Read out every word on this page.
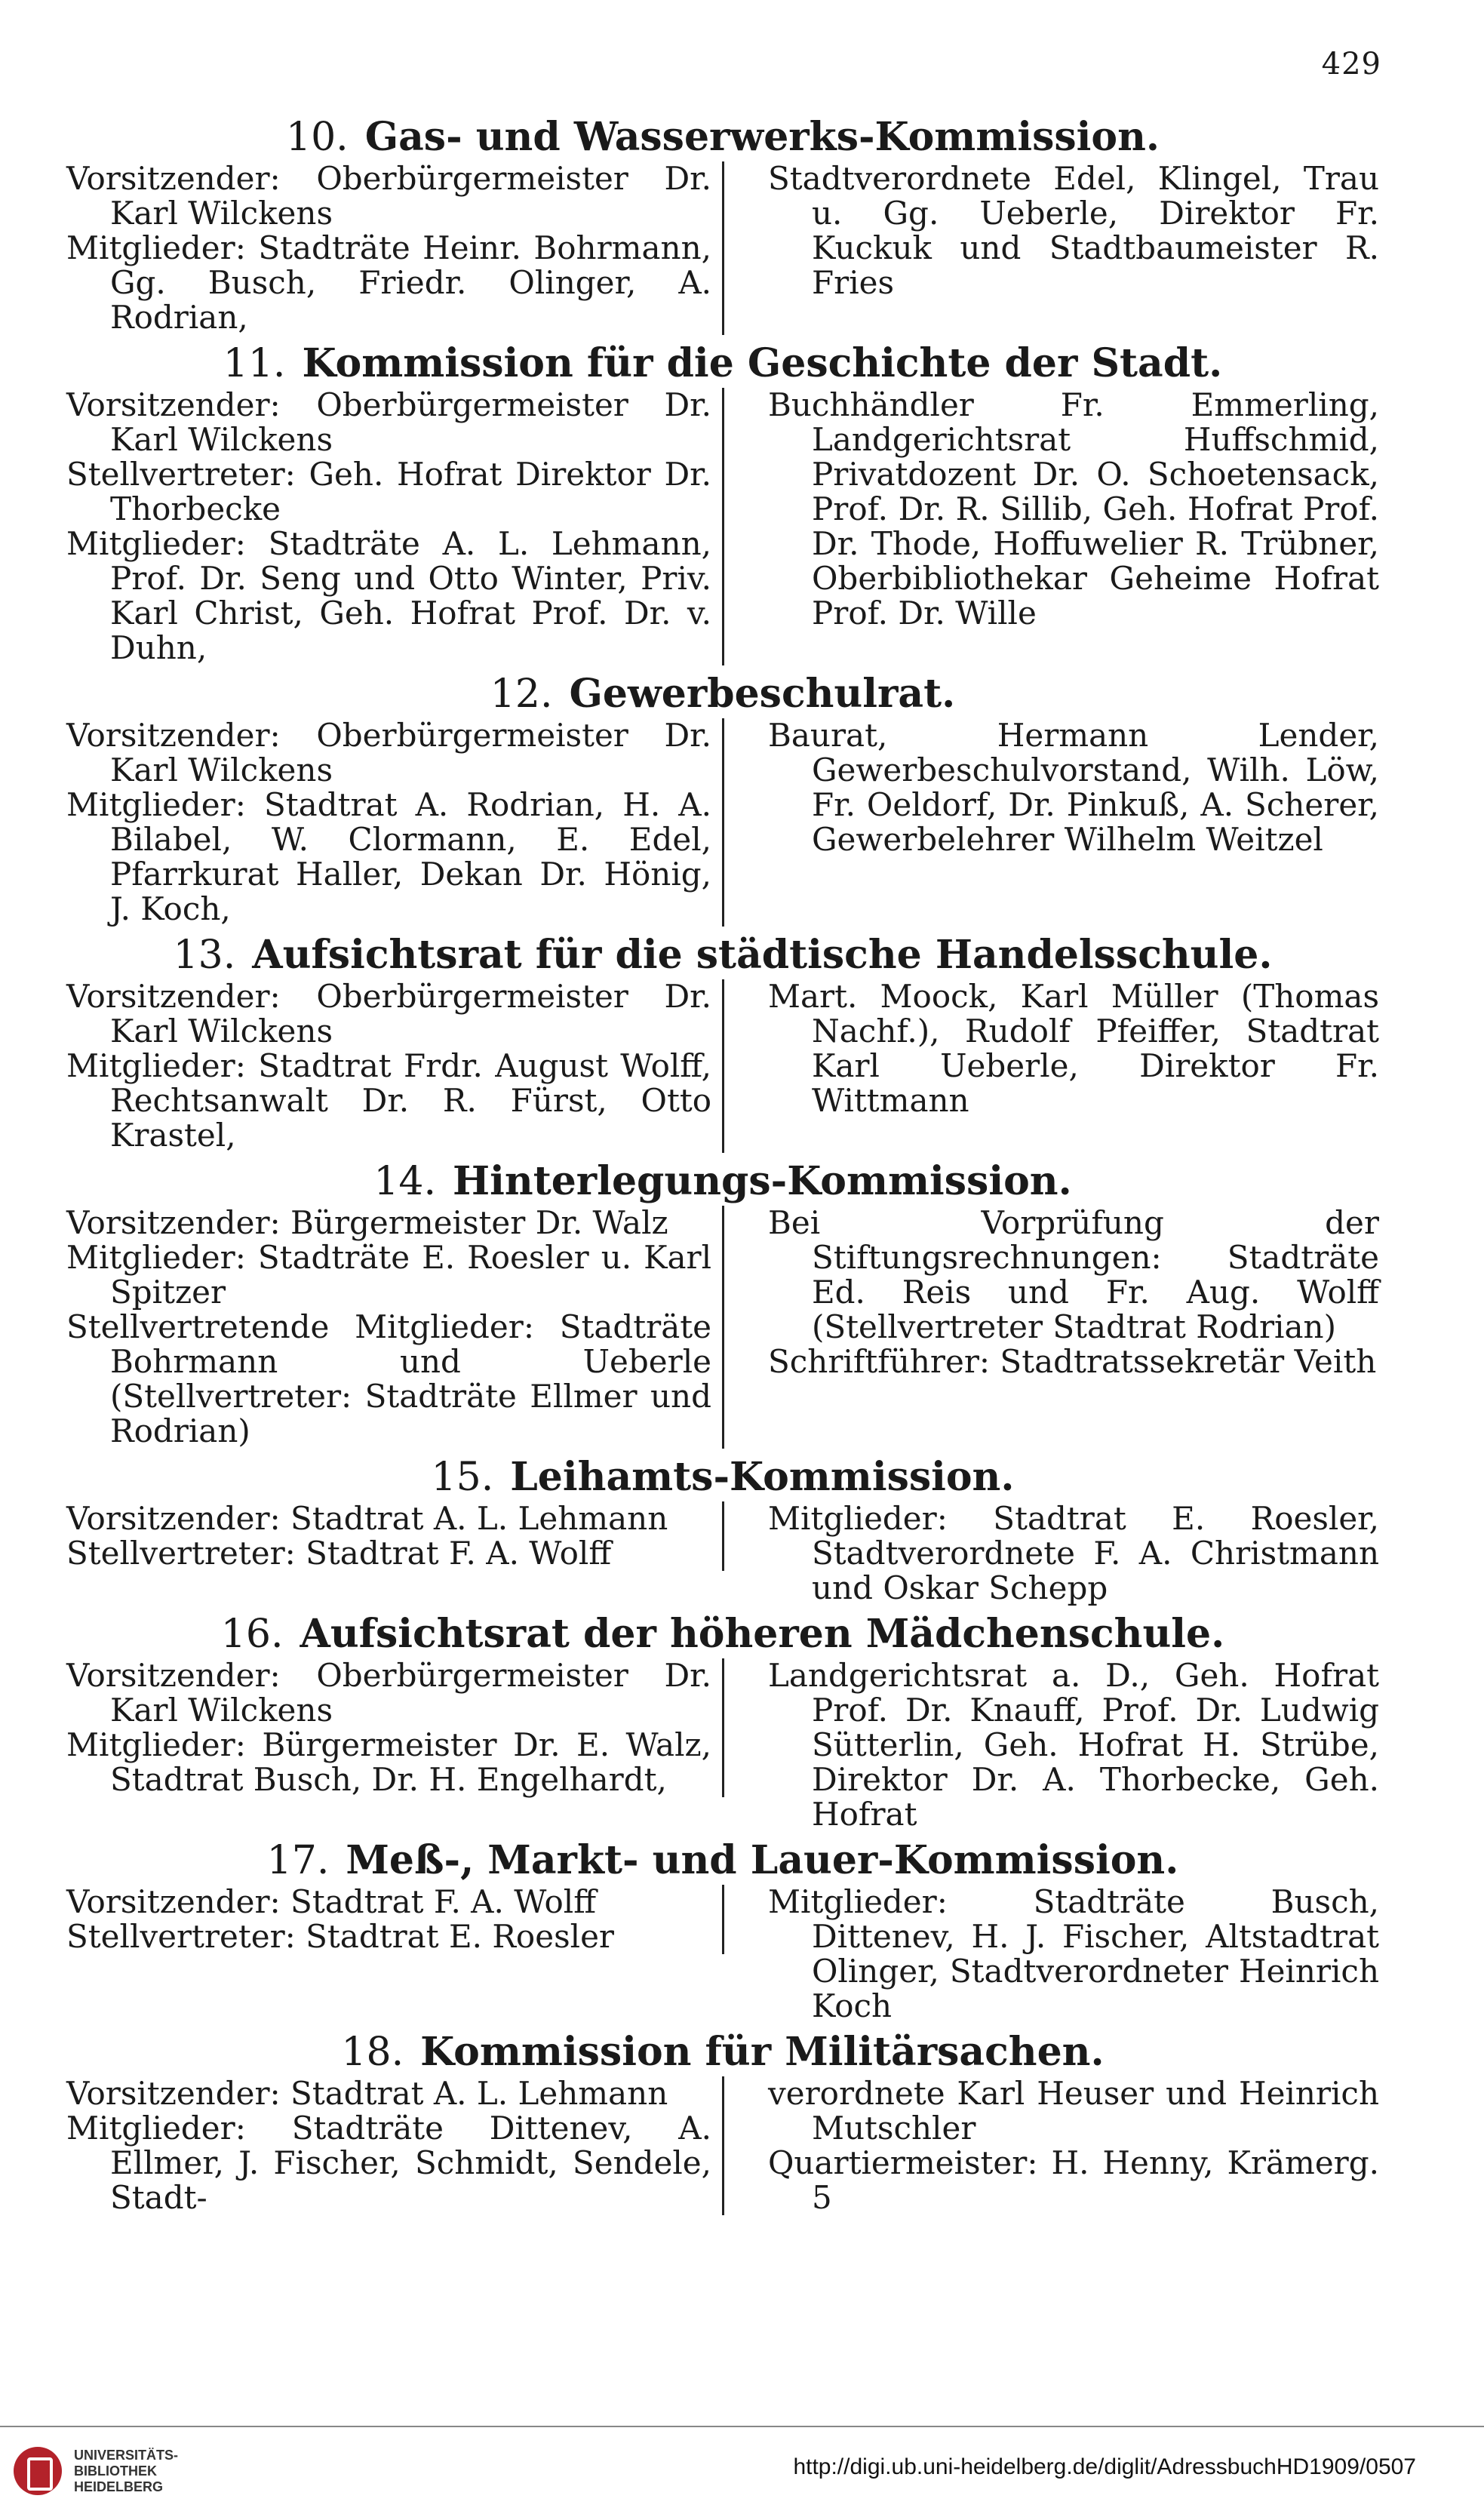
429
10. Gas- und Wasserwerks-Kommission.

Vorsitzender: Oberbürgermeister Dr. Karl Wilckens

Mitglieder: Stadträte Heinr. Bohrmann, Gg. Busch, Friedr. Olinger, A. Rodrian,

Stadtverordnete Edel, Klingel, Trau u. Gg. Ueberle, Direktor Fr. Kuckuk und Stadtbaumeister R. Fries

11. Kommission für die Geschichte der Stadt.

Vorsitzender: Oberbürgermeister Dr. Karl Wilckens

Stellvertreter: Geh. Hofrat Direktor Dr. Thorbecke

Mitglieder: Stadträte A. L. Lehmann, Prof. Dr. Seng und Otto Winter, Priv. Karl Christ, Geh. Hofrat Prof. Dr. v. Duhn,

Buchhändler Fr. Emmerling, Landgerichtsrat Huffschmid, Privatdozent Dr. O. Schoetensack, Prof. Dr. R. Sillib, Geh. Hofrat Prof. Dr. Thode, Hoffuwelier R. Trübner, Oberbibliothekar Geheime Hofrat Prof. Dr. Wille

12. Gewerbeschulrat.

Vorsitzender: Oberbürgermeister Dr. Karl Wilckens

Mitglieder: Stadtrat A. Rodrian, H. A. Bilabel, W. Clormann, E. Edel, Pfarrkurat Haller, Dekan Dr. Hönig, J. Koch,

Baurat, Hermann Lender, Gewerbeschulvorstand, Wilh. Löw, Fr. Oeldorf, Dr. Pinkuß, A. Scherer, Gewerbelehrer Wilhelm Weitzel

13. Aufsichtsrat für die städtische Handelsschule.

Vorsitzender: Oberbürgermeister Dr. Karl Wilckens

Mitglieder: Stadtrat Frdr. August Wolff, Rechtsanwalt Dr. R. Fürst, Otto Krastel,

Mart. Moock, Karl Müller (Thomas Nachf.), Rudolf Pfeiffer, Stadtrat Karl Ueberle, Direktor Fr. Wittmann

14. Hinterlegungs-Kommission.

Vorsitzender: Bürgermeister Dr. Walz

Mitglieder: Stadträte E. Roesler u. Karl Spitzer

Stellvertretende Mitglieder: Stadträte Bohrmann und Ueberle (Stellvertreter: Stadträte Ellmer und Rodrian)

Bei Vorprüfung der Stiftungsrechnungen: Stadträte Ed. Reis und Fr. Aug. Wolff (Stellvertreter Stadtrat Rodrian)

Schriftführer: Stadtratssekretär Veith

15. Leihamts-Kommission.

Vorsitzender: Stadtrat A. L. Lehmann

Stellvertreter: Stadtrat F. A. Wolff

Mitglieder: Stadtrat E. Roesler, Stadtverordnete F. A. Christmann und Oskar Schepp

16. Aufsichtsrat der höheren Mädchenschule.

Vorsitzender: Oberbürgermeister Dr. Karl Wilckens

Mitglieder: Bürgermeister Dr. E. Walz, Stadtrat Busch, Dr. H. Engelhardt,

Landgerichtsrat a. D., Geh. Hofrat Prof. Dr. Knauff, Prof. Dr. Ludwig Sütterlin, Geh. Hofrat H. Strübe, Direktor Dr. A. Thorbecke, Geh. Hofrat

17. Meß-, Markt- und Lauer-Kommission.

Vorsitzender: Stadtrat F. A. Wolff

Stellvertreter: Stadtrat E. Roesler

Mitglieder: Stadträte Busch, Dittenev, H. J. Fischer, Altstadtrat Olinger, Stadtverordneter Heinrich Koch

18. Kommission für Militärsachen.

Vorsitzender: Stadtrat A. L. Lehmann

Mitglieder: Stadträte Dittenev, A. Ellmer, J. Fischer, Schmidt, Sendele, Stadt-

verordnete Karl Heuser und Heinrich Mutschler

Quartiermeister: H. Henny, Krämerg. 5

UNIVERSITÄTS-
BIBLIOTHEK
HEIDELBERG
http://digi.ub.uni-heidelberg.de/diglit/AdressbuchHD1909/0507
